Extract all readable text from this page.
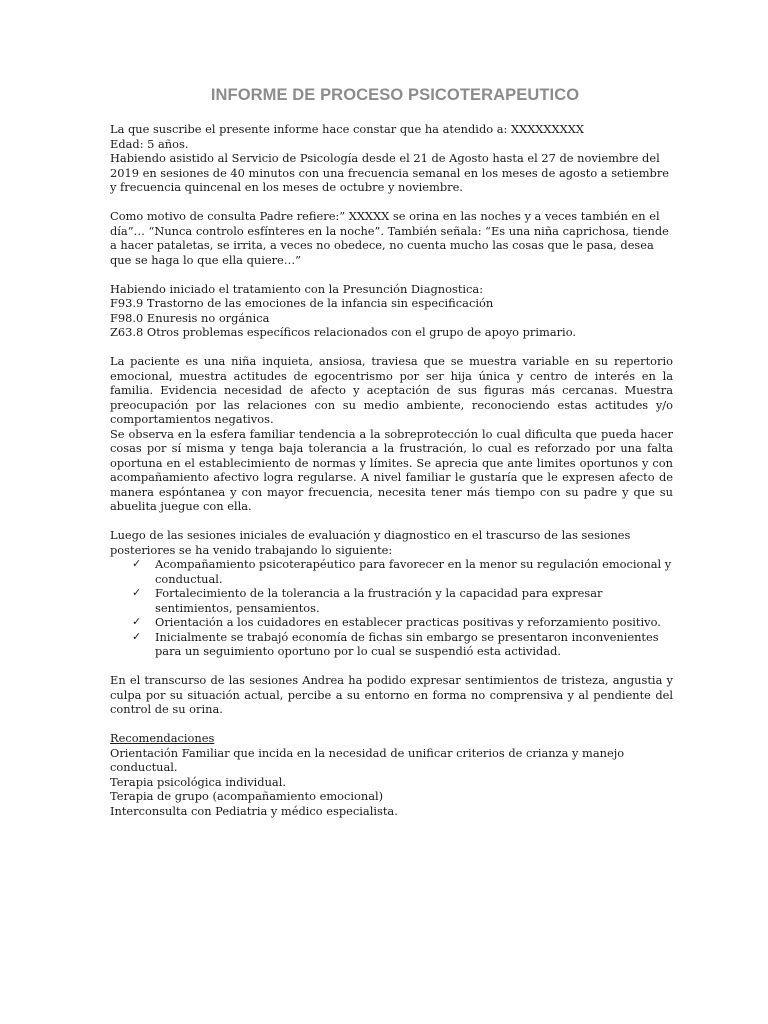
INFORME DE PROCESO PSICOTERAPEUTICO

La que suscribe el presente informe hace constar que ha atendido a: XXXXXXXXX

Edad: 5 años.

Habiendo asistido al Servicio de Psicología desde el 21 de Agosto hasta el 27 de noviembre del 2019 en sesiones de 40 minutos con una frecuencia semanal en los meses de agosto a setiembre y frecuencia quincenal en los meses de octubre y noviembre.

Como motivo de consulta Padre refiere:” XXXXX se orina en las noches y a veces también en el día”… “Nunca controlo esfínteres en la noche”. También señala: “Es una niña caprichosa, tiende a hacer pataletas, se irrita, a veces no obedece, no cuenta mucho las cosas que le pasa, desea que se haga lo que ella quiere…”

Habiendo iniciado el tratamiento con la Presunción Diagnostica:

F93.9 Trastorno de las emociones de la infancia sin especificación

F98.0 Enuresis no orgánica

Z63.8 Otros problemas específicos relacionados con el grupo de apoyo primario.

La paciente es una niña inquieta, ansiosa, traviesa que se muestra variable en su repertorio emocional, muestra actitudes de egocentrismo por ser hija única y centro de interés en la familia. Evidencia necesidad de afecto y aceptación de sus figuras más cercanas. Muestra preocupación por las relaciones con su medio ambiente, reconociendo estas actitudes y/o comportamientos negativos.

Se observa en la esfera familiar tendencia a la sobreprotección lo cual dificulta que pueda hacer cosas por sí misma y tenga baja tolerancia a la frustración, lo cual es reforzado por una falta oportuna en el establecimiento de normas y límites. Se aprecia que ante limites oportunos y con acompañamiento afectivo logra regularse. A nivel familiar le gustaría que le expresen afecto de manera espóntanea y con mayor frecuencia, necesita tener más tiempo con su padre y que su abuelita juegue con ella.

Luego de las sesiones iniciales de evaluación y diagnostico en el trascurso de las sesiones posteriores se ha venido trabajando lo siguiente:

✓ Acompañamiento psicoterapéutico para favorecer en la menor su regulación emocional y conductual.
✓ Fortalecimiento de la tolerancia a la frustración y la capacidad para expresar sentimientos, pensamientos.
✓ Orientación a los cuidadores en establecer practicas positivas y reforzamiento positivo.
✓ Inicialmente se trabajó economía de fichas sin embargo se presentaron inconvenientes para un seguimiento oportuno por lo cual se suspendió esta actividad.

En el transcurso de las sesiones Andrea ha podido expresar sentimientos de tristeza, angustia y culpa por su situación actual, percibe a su entorno en forma no comprensiva y al pendiente del control de su orina.

Recomendaciones

Orientación Familiar que incida en la necesidad de unificar criterios de crianza y manejo conductual.

Terapia psicológica individual.

Terapia de grupo (acompañamiento emocional)

Interconsulta con Pediatria y médico especialista.
